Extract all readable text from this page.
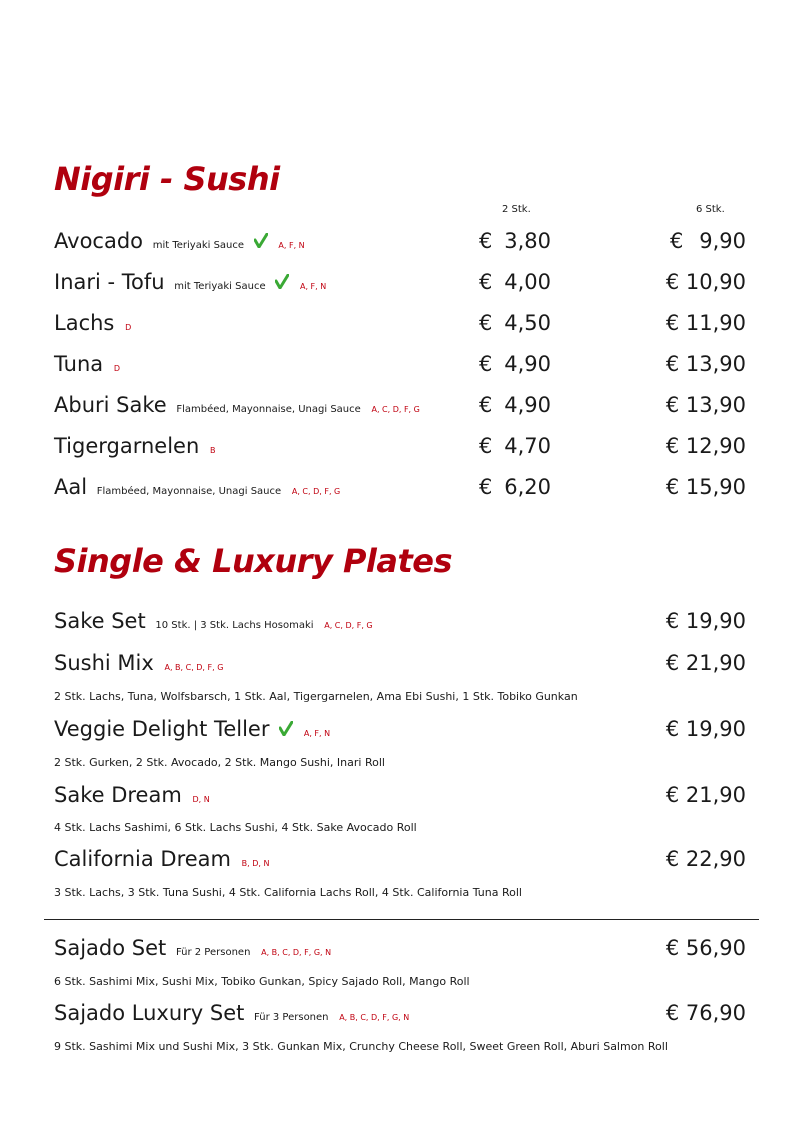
Nigiri - Sushi
2 Stk.	6 Stk.
Avocado mit Teriyaki Sauce	A, F, N	€ 3,80	€ 9,90
Inari - Tofu mit Teriyaki Sauce	A, F, N	€ 4,00	€ 10,90
Lachs D	€ 4,50	€ 11,90
Tuna D	€ 4,90	€ 13,90
Aburi Sake Flambéed, Mayonnaise, Unagi Sauce A, C, D, F, G	€ 4,90	€ 13,90
Tigergarnelen B	€ 4,70	€ 12,90
Aal Flambéed, Mayonnaise, Unagi Sauce A, C, D, F, G	€ 6,20	€ 15,90
Single & Luxury Plates
Sake Set 10 Stk. | 3 Stk. Lachs Hosomaki A, C, D, F, G	€ 19,90
Sushi Mix A, B, C, D, F, G	€ 21,90
2 Stk. Lachs, Tuna, Wolfsbarsch, 1 Stk. Aal, Tigergarnelen, Ama Ebi Sushi, 1 Stk. Tobiko Gunkan
Veggie Delight Teller	A, F, N	€ 19,90
2 Stk. Gurken, 2 Stk. Avocado, 2 Stk. Mango Sushi, Inari Roll
Sake Dream D, N	€ 21,90
4 Stk. Lachs Sashimi, 6 Stk. Lachs Sushi, 4 Stk. Sake Avocado Roll
California Dream B, D, N	€ 22,90
3 Stk. Lachs, 3 Stk. Tuna Sushi, 4 Stk. California Lachs Roll, 4 Stk. California Tuna Roll
Sajado Set Für 2 Personen A, B, C, D, F, G, N	€ 56,90
6 Stk. Sashimi Mix, Sushi Mix, Tobiko Gunkan, Spicy Sajado Roll, Mango Roll
Sajado Luxury Set Für 3 Personen A, B, C, D, F, G, N	€ 76,90
9 Stk. Sashimi Mix und Sushi Mix, 3 Stk. Gunkan Mix, Crunchy Cheese Roll, Sweet Green Roll, Aburi Salmon Roll
